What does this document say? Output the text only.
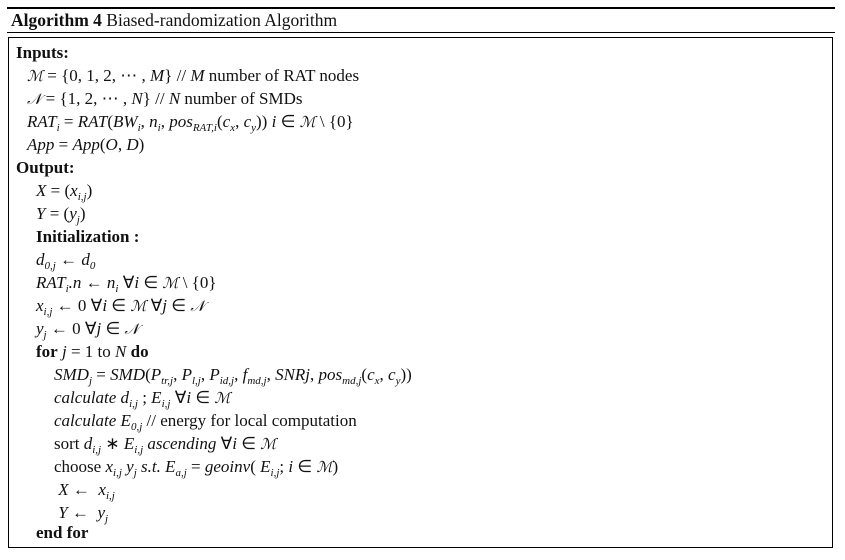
Algorithm 4 Biased-randomization Algorithm
Inputs:
ℳ = {0, 1, 2, ⋯ , M} // M number of RAT nodes
𝒩 = {1, 2, ⋯ , N} // N number of SMDs
$RAT_i = RAT(BW_i$, $n_i$, $pos_{RAT,i}(c_x$, $c_y$)) i ∈ ℳ \ {0}
App = App(O, D)
Output:
$X = (x_{i,j})$
$Y = (y_j)$
Initialization :
$d_{0,j}$ ← $d_0$
$RAT_i.n$ ← $n_i$ ∀i ∈ ℳ \ {0}
$x_{i,j}$ ← 0 ∀i ∈ ℳ ∀j ∈ 𝒩
$y_j$ ← 0 ∀j ∈ 𝒩
for j = 1 to N do
$SMD_j = SMD(P_{tr,j}$, $P_{l,j}$, $P_{id,j}$, $f_{md,j}$, SNRj, $pos_{md,j}(c_x$, $c_y$))
calculate $d_{i,j}$ ; $E_{i,j}$ ∀i ∈ ℳ
calculate $E_{0,j}$ // energy for local computation
sort $d_{i,j}$ ∗ $E_{i,j}$ ascending ∀i ∈ ℳ
choose $x_{i,j}$ $y_j$ s.t. $E_{a,j}$ = geoinv( $E_{i,j}$; i ∈ ℳ)
X ←  $x_{i,j}$
Y ←  $y_j$
end for
